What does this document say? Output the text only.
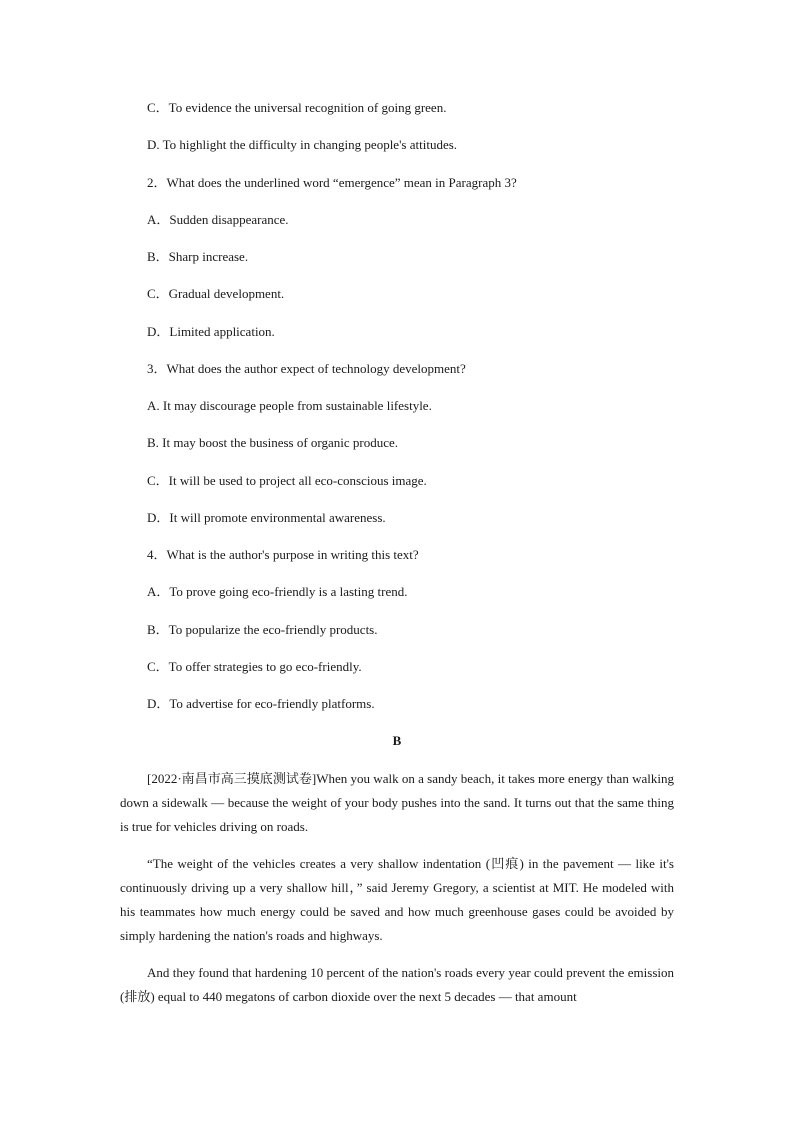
C．To evidence the universal recognition of going green.
D. To highlight the difficulty in changing people's attitudes.
2．What does the underlined word “emergence” mean in Paragraph 3?
A．Sudden disappearance.
B．Sharp increase.
C．Gradual development.
D．Limited application.
3．What does the author expect of technology development?
A. It may discourage people from sustainable lifestyle.
B. It may boost the business of organic produce.
C．It will be used to project all eco-conscious image.
D．It will promote environmental awareness.
4．What is the author's purpose in writing this text?
A．To prove going eco-friendly is a lasting trend.
B．To popularize the eco-friendly products.
C．To offer strategies to go eco-friendly.
D．To advertise for eco-friendly platforms.
B

[2022·南昌市高三摸底测试卷]When you walk on a sandy beach, it takes more energy than walking down a sidewalk — because the weight of your body pushes into the sand. It turns out that the same thing is true for vehicles driving on roads.

“The weight of the vehicles creates a very shallow indentation (凹痕) in the pavement — like it's continuously driving up a very shallow hill，” said Jeremy Gregory, a scientist at MIT. He modeled with his teammates how much energy could be saved and how much greenhouse gases could be avoided by simply hardening the nation's roads and highways.

And they found that hardening 10 percent of the nation's roads every year could prevent the emission (排放) equal to 440 megatons of carbon dioxide over the next 5 decades — that amount
